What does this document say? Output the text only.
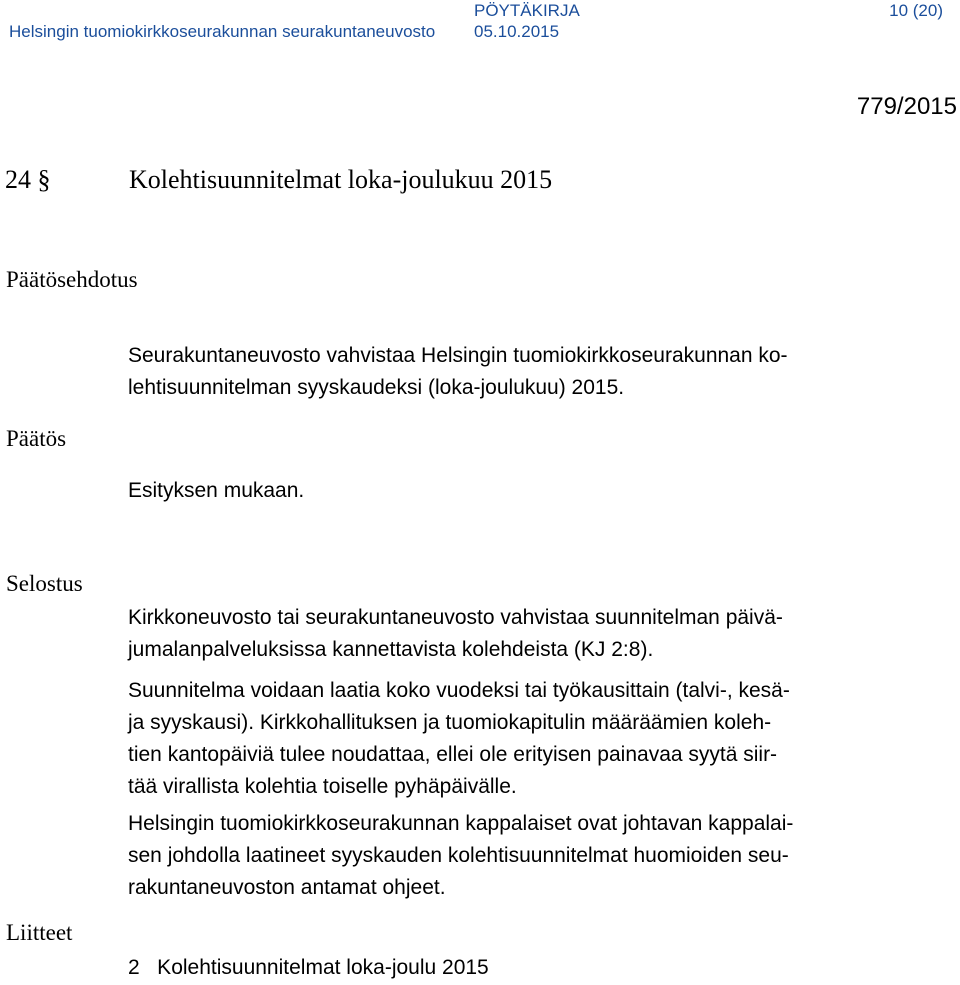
Helsingin tuomiokirkkoseurakunnan seurakuntaneuvosto
PÖYTÄKIRJA
05.10.2015
10 (20)
779/2015
24 §	Kolehtisuunnitelmat loka-joulukuu 2015
Päätösehdotus
Seurakuntaneuvosto vahvistaa Helsingin tuomiokirkkoseurakunnan ko-
lehtisuunnitelman syyskaudeksi (loka-joulukuu) 2015.
Päätös
Esityksen mukaan.
Selostus
Kirkkoneuvosto tai seurakuntaneuvosto vahvistaa suunnitelman päivä-
jumalanpalveluksissa kannettavista kolehdeista (KJ 2:8).
Suunnitelma voidaan laatia koko vuodeksi tai työkausittain (talvi-, kesä-
ja syyskausi). Kirkkohallituksen ja tuomiokapitulin määräämien koleh-
tien kantopäiviä tulee noudattaa, ellei ole erityisen painavaa syytä siir-
tää virallista kolehtia toiselle pyhäpäivälle.
Helsingin tuomiokirkkoseurakunnan kappalaiset ovat johtavan kappalai-
sen johdolla laatineet syyskauden kolehtisuunnitelmat huomioiden seu-
rakuntaneuvoston antamat ohjeet.
Liitteet
2   Kolehtisuunnitelmat loka-joulu 2015
